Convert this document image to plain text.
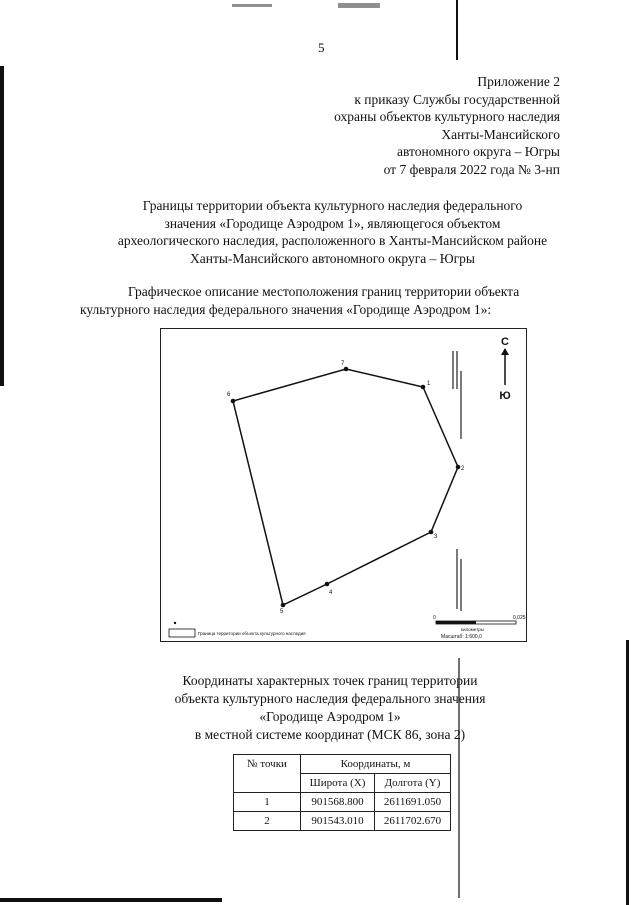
5
Приложение 2
к приказу Службы государственной
охраны объектов культурного наследия
Ханты-Мансийского
автономного округа – Югры
от 7 февраля 2022 года № 3-нп
Границы территории объекта культурного наследия федерального
значения «Городище Аэродром 1», являющегося объектом
археологического наследия, расположенного в Ханты-Мансийском районе
Ханты-Мансийского автономного округа – Югры
Графическое описание местоположения границ территории объекта культурного наследия федерального значения «Городище Аэродром 1»:
1
2
3
4
5
6
7
С
Ю
0	0,025
километры
Масштаб: 1:600,0
Граница территории объекта культурного наследия
Координаты характерных точек границ территории
объекта культурного наследия федерального значения
«Городище Аэродром 1»
в местной системе координат (МСК 86, зона 2)
№ точки	Координаты, м	
	Широта (X)	Долгота (Y)
1	901568.800	2611691.050
2	901543.010	2611702.670
